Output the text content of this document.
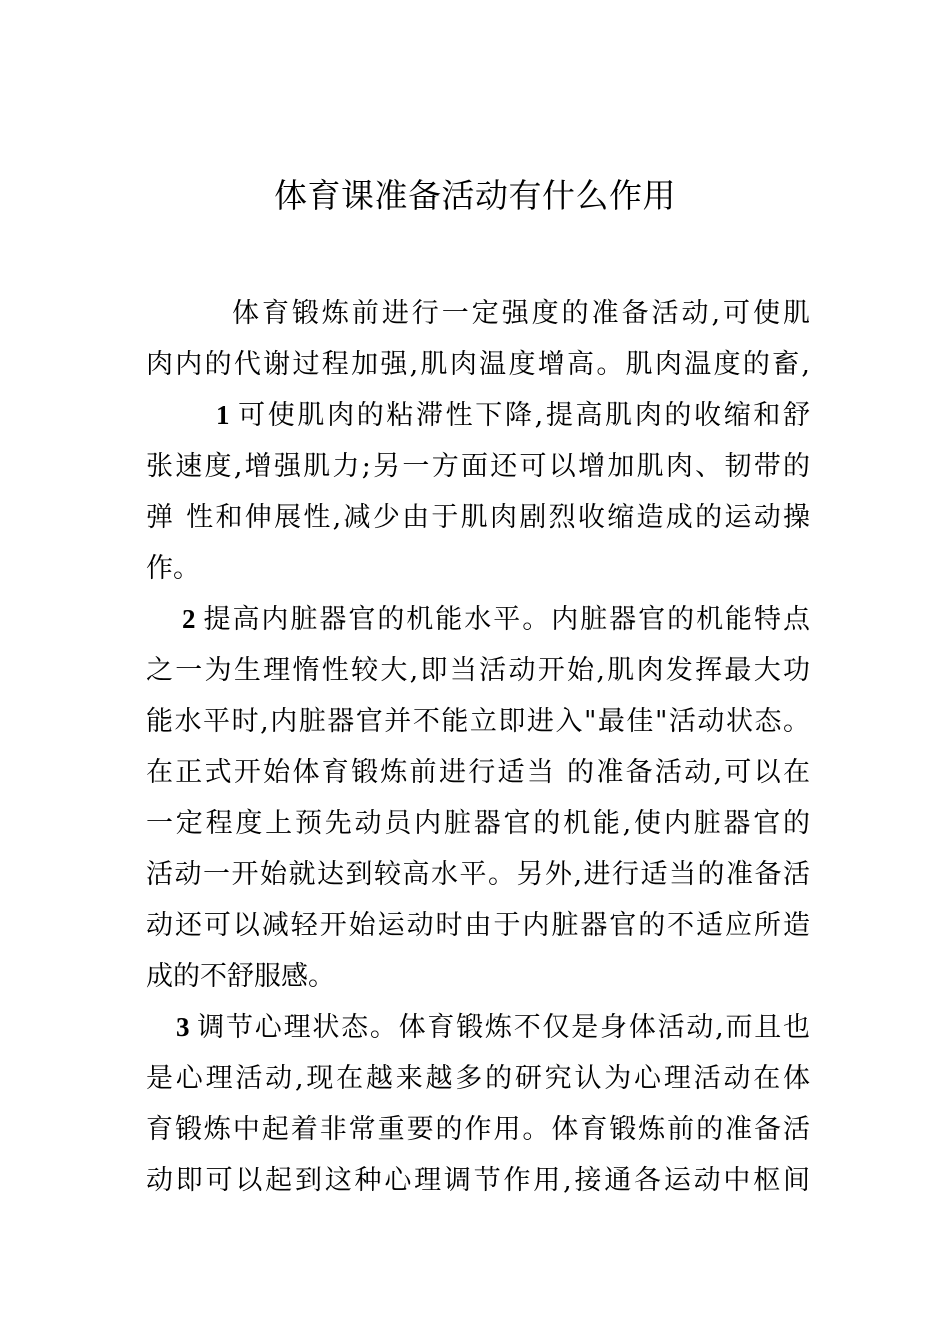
体育课准备活动有什么作用
体育锻炼前进行一定强度的准备活动,可使肌
肉内的代谢过程加强,肌肉温度增高。肌肉温度的畜,
1 可使肌肉的粘滞性下降,提高肌肉的收缩和舒
张速度,增强肌力;另一方面还可以增加肌肉、韧带的
弹 性和伸展性,减少由于肌肉剧烈收缩造成的运动操
作。
2 提高内脏器官的机能水平。内脏器官的机能特点
之一为生理惰性较大,即当活动开始,肌肉发挥最大功
能水平时,内脏器官并不能立即进入"最佳"活动状态。
在正式开始体育锻炼前进行适当 的准备活动,可以在
一定程度上预先动员内脏器官的机能,使内脏器官的
活动一开始就达到较高水平。另外,进行适当的准备活
动还可以减轻开始运动时由于内脏器官的不适应所造
成的不舒服感。
3 调节心理状态。体育锻炼不仅是身体活动,而且也
是心理活动,现在越来越多的研究认为心理活动在体
育锻炼中起着非常重要的作用。体育锻炼前的准备活
动即可以起到这种心理调节作用,接通各运动中枢间
